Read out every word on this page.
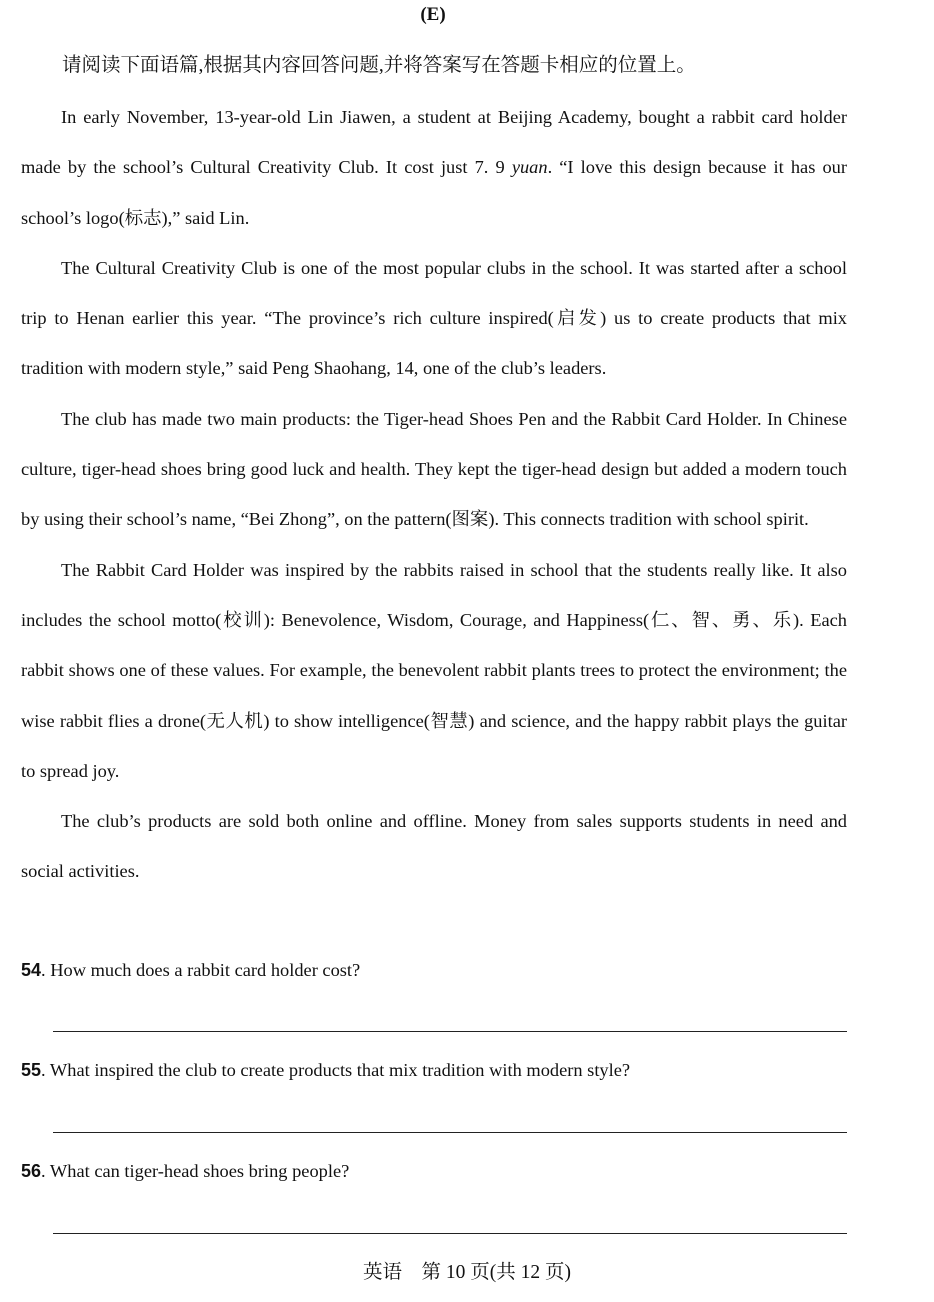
(E)
请阅读下面语篇,根据其内容回答问题,并将答案写在答题卡相应的位置上。

In early November, 13-year-old Lin Jiawen, a student at Beijing Academy, bought a rabbit card holder made by the school’s Cultural Creativity Club. It cost just 7. 9 yuan. “I love this design because it has our school’s logo(标志),” said Lin.

The Cultural Creativity Club is one of the most popular clubs in the school. It was started after a school trip to Henan earlier this year. “The province’s rich culture inspired(启发) us to create products that mix tradition with modern style,” said Peng Shaohang, 14, one of the club’s leaders.

The club has made two main products: the Tiger-head Shoes Pen and the Rabbit Card Holder. In Chinese culture, tiger-head shoes bring good luck and health. They kept the tiger-head design but added a modern touch by using their school’s name, “Bei Zhong”, on the pattern(图案). This connects tradition with school spirit.

The Rabbit Card Holder was inspired by the rabbits raised in school that the students really like. It also includes the school motto(校训): Benevolence, Wisdom, Courage, and Happiness(仁、智、勇、乐). Each rabbit shows one of these values. For example, the benevolent rabbit plants trees to protect the environment; the wise rabbit flies a drone(无人机) to show intelligence(智慧) and science, and the happy rabbit plays the guitar to spread joy.

The club’s products are sold both online and offline. Money from sales supports students in need and social activities.

54. How much does a rabbit card holder cost?
55. What inspired the club to create products that mix tradition with modern style?
56. What can tiger-head shoes bring people?
英语　第 10 页(共 12 页)
